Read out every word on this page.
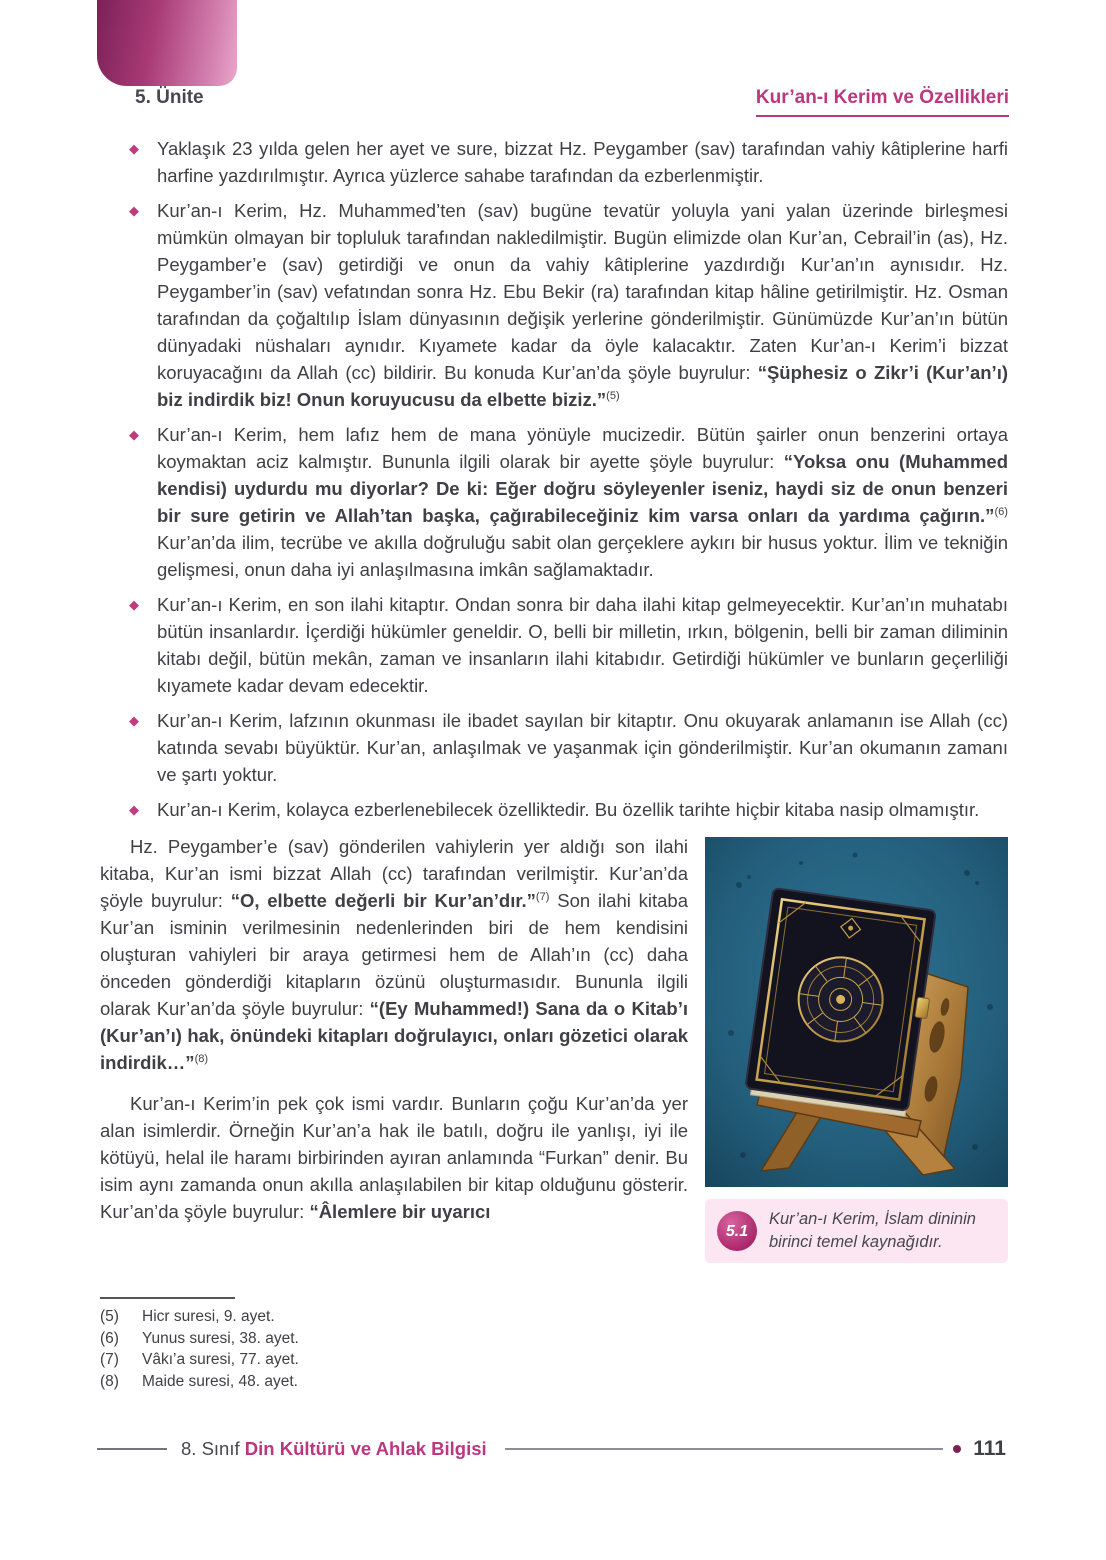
5. Ünite	Kur’an-ı Kerim ve Özellikleri
◆ Yaklaşık 23 yılda gelen her ayet ve sure, bizzat Hz. Peygamber (sav) tarafından vahiy kâtiplerine harfi harfine yazdırılmıştır. Ayrıca yüzlerce sahabe tarafından da ezberlenmiştir.
◆ Kur’an-ı Kerim, Hz. Muhammed’ten (sav) bugüne tevatür yoluyla yani yalan üzerinde birleşmesi mümkün olmayan bir topluluk tarafından nakledilmiştir. Bugün elimizde olan Kur’an, Cebrail’in (as), Hz. Peygamber’e (sav) getirdiği ve onun da vahiy kâtiplerine yazdırdığı Kur’an’ın aynısıdır. Hz. Peygamber’in (sav) vefatından sonra Hz. Ebu Bekir (ra) tarafından kitap hâline getirilmiştir. Hz. Osman tarafından da çoğaltılıp İslam dünyasının değişik yerlerine gönderilmiştir. Günümüzde Kur’an’ın bütün dünyadaki nüshaları aynıdır. Kıyamete kadar da öyle kalacaktır. Zaten Kur’an-ı Kerim’i bizzat koruyacağını da Allah (cc) bildirir. Bu konuda Kur’an’da şöyle buyrulur: “Şüphesiz o Zikr’i (Kur’an’ı) biz indirdik biz! Onun koruyucusu da elbette biziz.”$^{(5)}$
◆ Kur’an-ı Kerim, hem lafız hem de mana yönüyle mucizedir. Bütün şairler onun benzerini ortaya koymaktan aciz kalmıştır. Bununla ilgili olarak bir ayette şöyle buyrulur: “Yoksa onu (Muhammed kendisi) uydurdu mu diyorlar? De ki: Eğer doğru söyleyenler iseniz, haydi siz de onun benzeri bir sure getirin ve Allah’tan başka, çağırabileceğiniz kim varsa onları da yardıma çağırın.”$^{(6)}$ Kur’an’da ilim, tecrübe ve akılla doğruluğu sabit olan gerçeklere aykırı bir husus yoktur. İlim ve tekniğin gelişmesi, onun daha iyi anlaşılmasına imkân sağlamaktadır.
◆ Kur’an-ı Kerim, en son ilahi kitaptır. Ondan sonra bir daha ilahi kitap gelmeyecektir. Kur’an’ın muhatabı bütün insanlardır. İçerdiği hükümler geneldir. O, belli bir milletin, ırkın, bölgenin, belli bir zaman diliminin kitabı değil, bütün mekân, zaman ve insanların ilahi kitabıdır. Getirdiği hükümler ve bunların geçerliliği kıyamete kadar devam edecektir.
◆ Kur’an-ı Kerim, lafzının okunması ile ibadet sayılan bir kitaptır. Onu okuyarak anlamanın ise Allah (cc) katında sevabı büyüktür. Kur’an, anlaşılmak ve yaşanmak için gönderilmiştir. Kur’an okumanın zamanı ve şartı yoktur.
◆ Kur’an-ı Kerim, kolayca ezberlenebilecek özelliktedir. Bu özellik tarihte hiçbir kitaba nasip olmamıştır.
5.1
Kur’an-ı Kerim, İslam dininin birinci temel kaynağıdır.

Hz. Peygamber’e (sav) gönderilen vahiylerin yer aldığı son ilahi kitaba, Kur’an ismi bizzat Allah (cc) tarafından verilmiştir. Kur’an’da şöyle buyrulur: “O, elbette değerli bir Kur’an’dır.”$^{(7)}$ Son ilahi kitaba Kur’an isminin verilmesinin nedenlerinden biri de hem kendisini oluşturan vahiyleri bir araya getirmesi hem de Allah’ın (cc) daha önceden gönderdiği kitapların özünü oluşturmasıdır. Bununla ilgili olarak Kur’an’da şöyle buyrulur: “(Ey Muhammed!) Sana da o Kitab’ı (Kur’an’ı) hak, önündeki kitapları doğrulayıcı, onları gözetici olarak indirdik…”$^{(8)}$

Kur’an-ı Kerim’in pek çok ismi vardır. Bunların çoğu Kur’an’da yer alan isimlerdir. Örneğin Kur’an’a hak ile batılı, doğru ile yanlışı, iyi ile kötüyü, helal ile haramı birbirinden ayıran anlamında “Furkan” denir. Bu isim aynı zamanda onun akılla anlaşılabilen bir kitap olduğunu gösterir. Kur’an’da şöyle buyrulur: “Âlemlere bir uyarıcı

(5)	Hicr suresi, 9. ayet.
(6)	Yunus suresi, 38. ayet.
(7)	Vâkı’a suresi, 77. ayet.
(8)	Maide suresi, 48. ayet.
8. Sınıf Din Kültürü ve Ahlak Bilgisi	111
